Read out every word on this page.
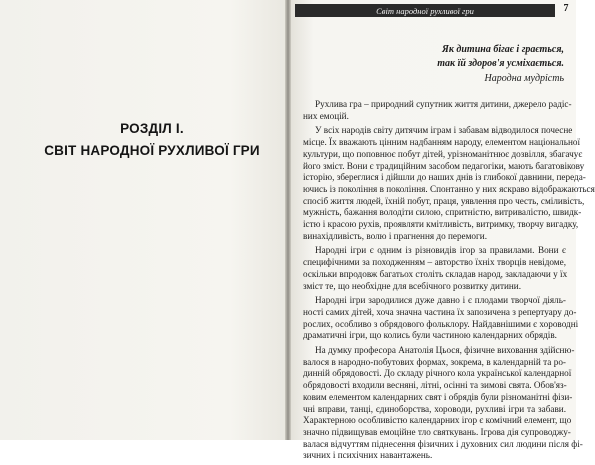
РОЗДІЛ І.
СВІТ НАРОДНОЇ РУХЛИВОЇ ГРИ
Світ народної рухливої гри	7
Як дитина бігає і грається,
так їй здоров'я усміхається.
Народна мудрість
Рухлива гра – природний супутник життя дитини, джерело радіс-
них емоцій.
У всіх народів світу дитячим іграм і забавам відводилося почесне
місце. Їх вважають цінним надбанням народу, елементом національної
культури, що поповнює побут дітей, урізноманітнює дозвілля, збагачує
його зміст. Вони є традиційним засобом педагогіки, мають багатовікову
історію, збереглися і дійшли до наших днів із глибокої давнини, переда-
ючись із покоління в покоління. Спонтанно у них яскраво відображаються
спосіб життя людей, їхній побут, праця, уявлення про честь, сміливість,
мужність, бажання володіти силою, спритністю, витривалістю, швидк-
істю і красою рухів, проявляти кмітливість, витримку, творчу вигадку,
винахідливість, волю і прагнення до перемоги.
Народні ігри є одним із різновидів ігор за правилами. Вони є
специфічними за походженням – авторство їхніх творців невідоме,
оскільки впродовж багатьох століть складав народ, закладаючи у їх
зміст те, що необхідне для всебічного розвитку дитини.
Народні ігри зародилися дуже давно і є плодами творчої діяль-
ності самих дітей, хоча значна частина їх запозичена з репертуару до-
рослих, особливо з обрядового фольклору. Найдавнішими є хороводні
драматичні ігри, що колись були частиною календарних обрядів.
На думку професора Анатолія Цьося, фізичне виховання здійсню-
валося в народно-побутових формах, зокрема, в календарній та ро-
динній обрядовості. До складу річного кола української календарної
обрядовості входили весняні, літні, осінні та зимові свята. Обов'яз-
ковим елементом календарних свят і обрядів були різноманітні фізи-
чні вправи, танці, єдиноборства, хороводи, рухливі ігри та забави.
Характерною особливістю календарних ігор є комічний елемент, що
значно підвищував емоційне тло святкувань. Ігрова дія супроводжу-
валася відчуттям піднесення фізичних і духовних сил людини після фі-
зичних і психічних навантажень.
